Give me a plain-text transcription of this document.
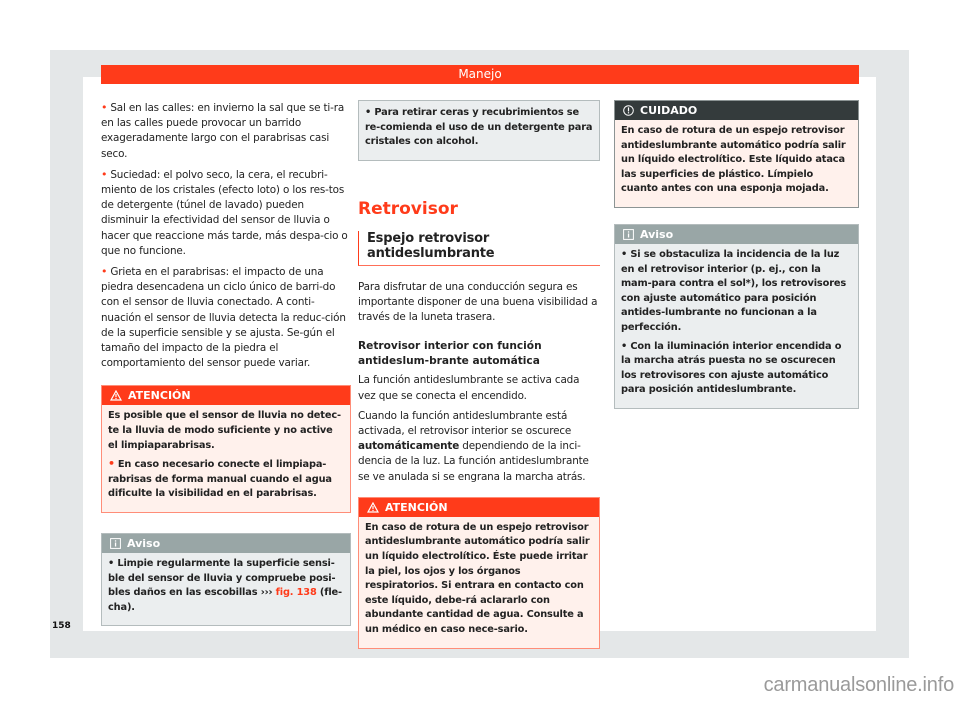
Manejo

• Sal en las calles: en invierno la sal que se ti-ra en las calles puede provocar un barrido exageradamente largo con el parabrisas casi seco.

• Suciedad: el polvo seco, la cera, el recubri-miento de los cristales (efecto loto) o los res-tos de detergente (túnel de lavado) pueden disminuir la efectividad del sensor de lluvia o hacer que reaccione más tarde, más despa-cio o que no funcione.

• Grieta en el parabrisas: el impacto de una piedra desencadena un ciclo único de barri-do con el sensor de lluvia conectado. A conti-nuación el sensor de lluvia detecta la reduc-ción de la superficie sensible y se ajusta. Se-gún el tamaño del impacto de la piedra el comportamiento del sensor puede variar.

ATENCIÓN

Es posible que el sensor de lluvia no detec-te la lluvia de modo suficiente y no active el limpiaparabrisas.

• En caso necesario conecte el limpiapa-rabrisas de forma manual cuando el agua dificulte la visibilidad en el parabrisas.

Aviso

• Limpie regularmente la superficie sensi-ble del sensor de lluvia y compruebe posi-bles daños en las escobillas ››› fig. 138 (fle-cha).

• Para retirar ceras y recubrimientos se re-comienda el uso de un detergente para cristales con alcohol.

Retrovisor
Espejo retrovisor antideslumbrante

Para disfrutar de una conducción segura es importante disponer de una buena visibilidad a través de la luneta trasera.

Retrovisor interior con función antideslum-brante automática

La función antideslumbrante se activa cada vez que se conecta el encendido.

Cuando la función antideslumbrante está activada, el retrovisor interior se oscurece automáticamente dependiendo de la inci-dencia de la luz. La función antideslumbrante se ve anulada si se engrana la marcha atrás.

ATENCIÓN

En caso de rotura de un espejo retrovisor antideslumbrante automático podría salir un líquido electrolítico. Éste puede irritar la piel, los ojos y los órganos respiratorios. Si entrara en contacto con este líquido, debe-rá aclararlo con abundante cantidad de agua. Consulte a un médico en caso nece-sario.

CUIDADO

En caso de rotura de un espejo retrovisor antideslumbrante automático podría salir un líquido electrolítico. Este líquido ataca las superficies de plástico. Límpielo cuanto antes con una esponja mojada.

Aviso

• Si se obstaculiza la incidencia de la luz en el retrovisor interior (p. ej., con la mam-para contra el sol*), los retrovisores con ajuste automático para posición antides-lumbrante no funcionan a la perfección.

• Con la iluminación interior encendida o la marcha atrás puesta no se oscurecen los retrovisores con ajuste automático para posición antideslumbrante.

158
carmanualsonline.info
